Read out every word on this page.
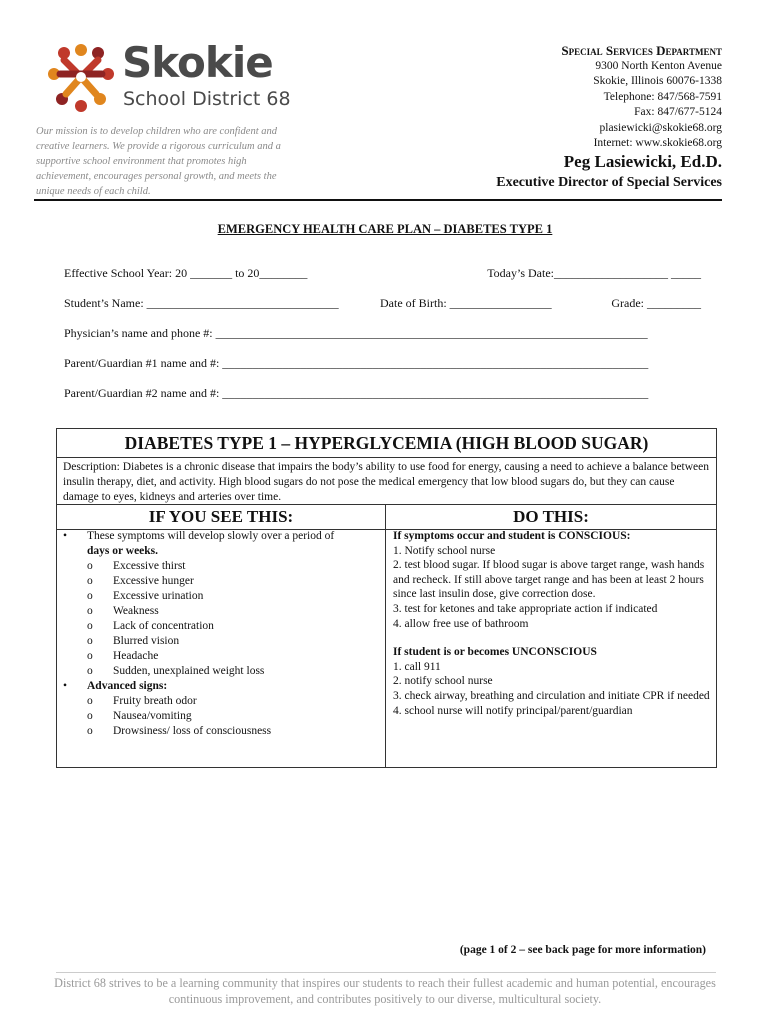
Skokie
School District 68
Our mission is to develop children who are confident and creative learners. We provide a rigorous curriculum and a supportive school environment that promotes high achievement, encourages personal growth, and meets the unique needs of each child.
Special Services Department
9300 North Kenton Avenue
Skokie, Illinois 60076-1338
Telephone: 847/568-7591
Fax: 847/677-5124
plasiewicki@skokie68.org
Internet: www.skokie68.org
Peg Lasiewicki, Ed.D.
Executive Director of Special Services
EMERGENCY HEALTH CARE PLAN – DIABETES TYPE 1
Effective School Year: 20 _______ to 20________	Today’s Date:___________________ _____
Student’s Name: ________________________________	Date of Birth: _________________	Grade: _________
Physician’s name and phone #: ________________________________________________________________________
Parent/Guardian #1 name and #: _______________________________________________________________________
Parent/Guardian #2 name and #: _______________________________________________________________________
DIABETES TYPE 1 – HYPERGLYCEMIA (HIGH BLOOD SUGAR)
Description: Diabetes is a chronic disease that impairs the body’s ability to use food for energy, causing a need to achieve a balance between insulin therapy, diet, and activity. High blood sugars do not pose the medical emergency that low blood sugars do, but they can cause damage to eyes, kidneys and arteries over time.
IF YOU SEE THIS:	DO THIS:
• These symptoms will develop slowly over a period of
days or weeks.
o Excessive thirst
o Excessive hunger
o Excessive urination
o Weakness
o Lack of concentration
o Blurred vision
o Headache
o Sudden, unexplained weight loss
• Advanced signs:
o Fruity breath odor
o Nausea/vomiting
o Drowsiness/ loss of consciousness
If symptoms occur and student is CONSCIOUS:
1. Notify school nurse
2. test blood sugar. If blood sugar is above target range, wash hands and recheck. If still above target range and has been at least 2 hours since last insulin dose, give correction dose.
3. test for ketones and take appropriate action if indicated
4. allow free use of bathroom
If student is or becomes UNCONSCIOUS
1. call 911
2. notify school nurse
3. check airway, breathing and circulation and initiate CPR if needed
4. school nurse will notify principal/parent/guardian
(page 1 of 2 – see back page for more information)
District 68 strives to be a learning community that inspires our students to reach their fullest academic and human potential, encourages continuous improvement, and contributes positively to our diverse, multicultural society.
